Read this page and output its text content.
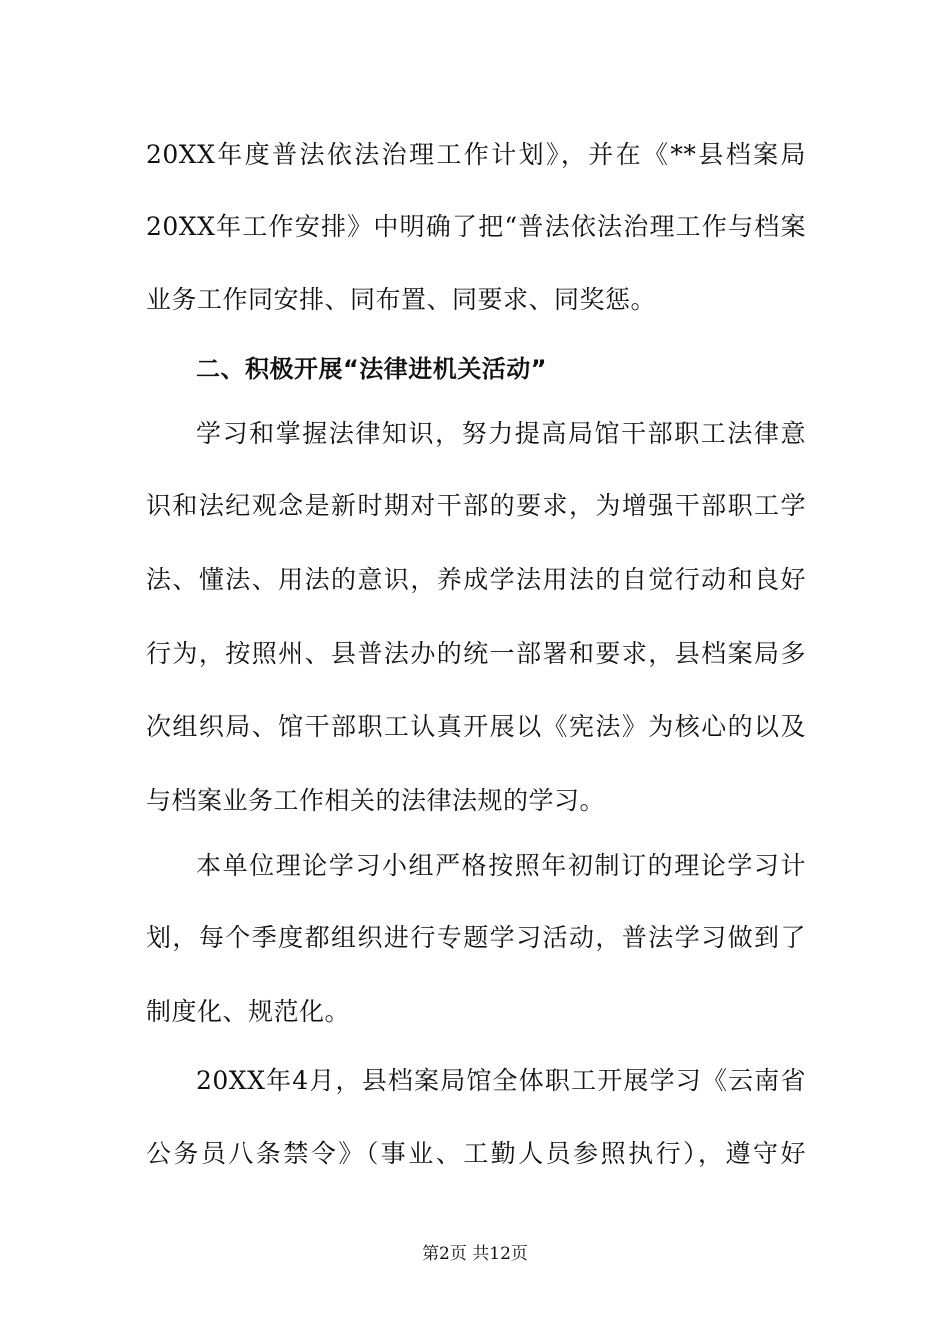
20XX年度普法依法治理工作计划》，并在《**县档案局
20XX年工作安排》中明确了把“普法依法治理工作与档案
业务工作同安排、同布置、同要求、同奖惩。
二、积极开展“法律进机关活动”
学习和掌握法律知识，努力提高局馆干部职工法律意
识和法纪观念是新时期对干部的要求，为增强干部职工学
法、懂法、用法的意识，养成学法用法的自觉行动和良好
行为，按照州、县普法办的统一部署和要求，县档案局多
次组织局、馆干部职工认真开展以《宪法》为核心的以及
与档案业务工作相关的法律法规的学习。
本单位理论学习小组严格按照年初制订的理论学习计
划，每个季度都组织进行专题学习活动，普法学习做到了
制度化、规范化。
20XX年4月，县档案局馆全体职工开展学习《云南省
公务员八条禁令》（事业、工勤人员参照执行），遵守好
第2页 共12页
